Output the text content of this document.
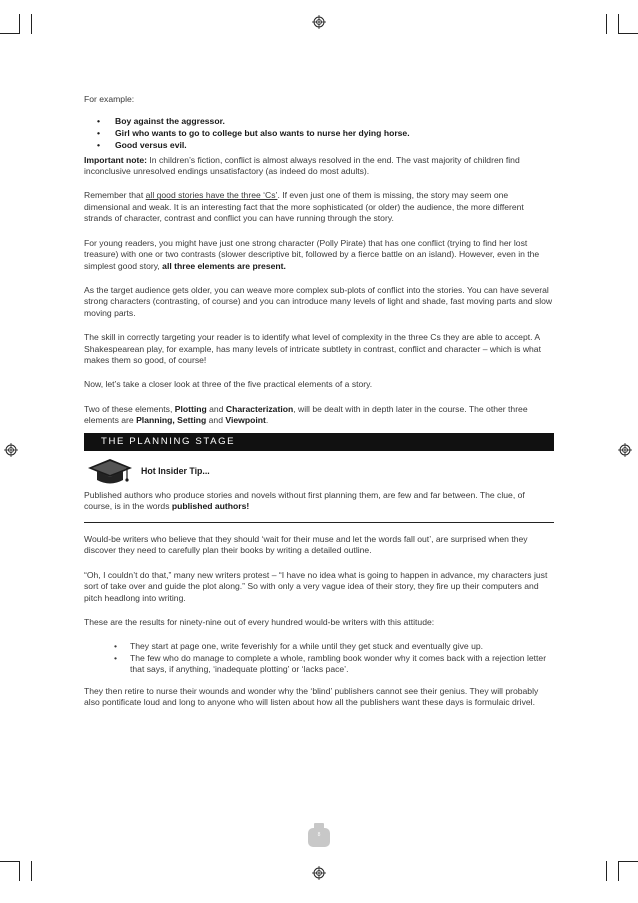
For example:

• Boy against the aggressor.
• Girl who wants to go to college but also wants to nurse her dying horse.
• Good versus evil.

Important note: In children’s fiction, conflict is almost always resolved in the end. The vast majority of children find inconclusive unresolved endings unsatisfactory (as indeed do most adults).

Remember that all good stories have the three ‘Cs’. If even just one of them is missing, the story may seem one dimensional and weak. It is an interesting fact that the more sophisticated (or older) the audience, the more different strands of character, contrast and conflict you can have running through the story.

For young readers, you might have just one strong character (Polly Pirate) that has one conflict (trying to find her lost treasure) with one or two contrasts (slower descriptive bit, followed by a fierce battle on an island). However, even in the simplest good story, all three elements are present.

As the target audience gets older, you can weave more complex sub-plots of conflict into the stories. You can have several strong characters (contrasting, of course) and you can introduce many levels of light and shade, fast moving parts and slow moving parts.

The skill in correctly targeting your reader is to identify what level of complexity in the three Cs they are able to accept. A Shakespearean play, for example, has many levels of intricate subtlety in contrast, conflict and character – which is what makes them so good, of course!

Now, let’s take a closer look at three of the five practical elements of a story.

Two of these elements, Plotting and Characterization, will be dealt with in depth later in the course. The other three elements are Planning, Setting and Viewpoint.

THE PLANNING STAGE
Hot Insider Tip...

Published authors who produce stories and novels without first planning them, are few and far between. The clue, of course, is in the words published authors!

Would-be writers who believe that they should ‘wait for their muse and let the words fall out’, are surprised when they discover they need to carefully plan their books by writing a detailed outline.

“Oh, I couldn’t do that,” many new writers protest – “I have no idea what is going to happen in advance, my characters just sort of take over and guide the plot along.” So with only a very vague idea of their story, they fire up their computers and pitch headlong into writing.

These are the results for ninety-nine out of every hundred would-be writers with this attitude:

• They start at page one, write feverishly for a while until they get stuck and eventually give up.
• The few who do manage to complete a whole, rambling book wonder why it comes back with a rejection letter that says, if anything, ‘inadequate plotting’ or ‘lacks pace’.

They then retire to nurse their wounds and wonder why the ‘blind’ publishers cannot see their genius. They will probably also pontificate loud and long to anyone who will listen about how all the publishers want these days is formulaic drivel.

8
